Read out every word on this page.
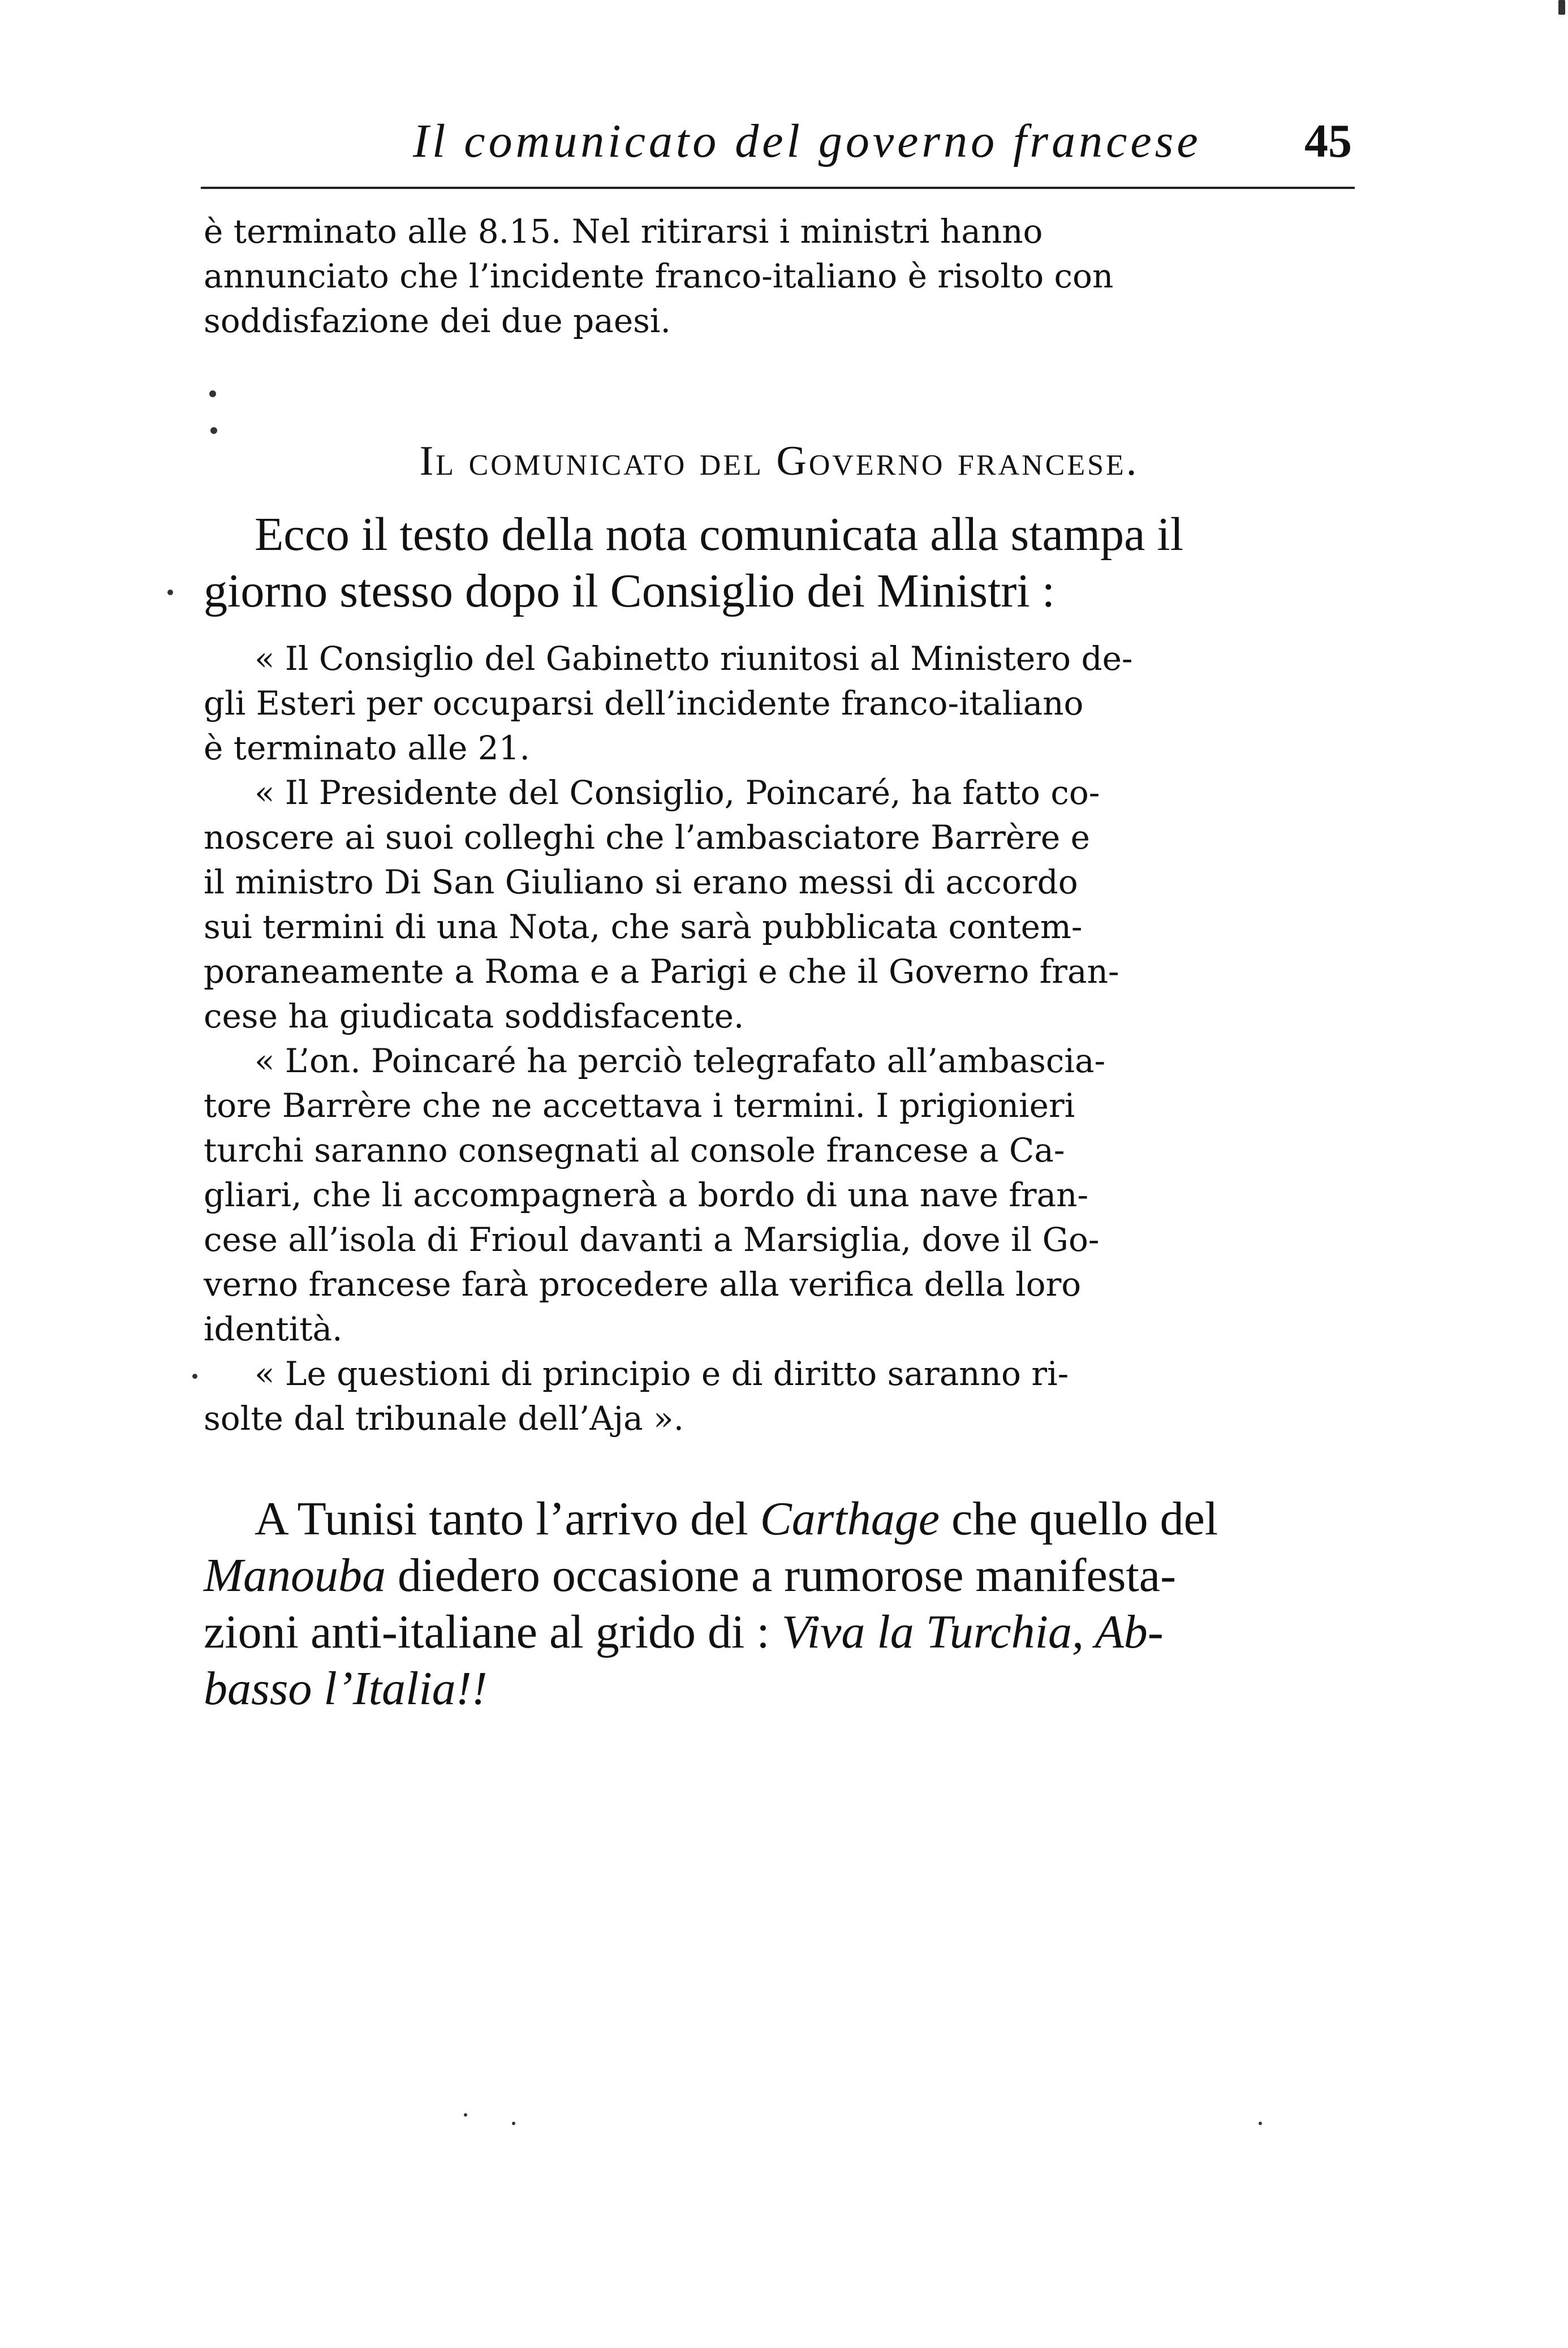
Il comunicato del governo francese 45
è terminato alle 8.15. Nel ritirarsi i ministri hanno
annunciato che l’incidente franco-italiano è risolto con
soddisfazione dei due paesi.
Il comunicato del Governo francese.
Ecco il testo della nota comunicata alla stampa il
giorno stesso dopo il Consiglio dei Ministri :
« Il Consiglio del Gabinetto riunitosi al Ministero de-
gli Esteri per occuparsi dell’incidente franco-italiano
è terminato alle 21.
« Il Presidente del Consiglio, Poincaré, ha fatto co-
noscere ai suoi colleghi che l’ambasciatore Barrère e
il ministro Di San Giuliano si erano messi di accordo
sui termini di una Nota, che sarà pubblicata contem-
poraneamente a Roma e a Parigi e che il Governo fran-
cese ha giudicata soddisfacente.
« L’on. Poincaré ha perciò telegrafato all’ambascia-
tore Barrère che ne accettava i termini. I prigionieri
turchi saranno consegnati al console francese a Ca-
gliari, che li accompagnerà a bordo di una nave fran-
cese all’isola di Frioul davanti a Marsiglia, dove il Go-
verno francese farà procedere alla verifica della loro
identità.
« Le questioni di principio e di diritto saranno ri-
solte dal tribunale dell’Aja ».
A Tunisi tanto l’arrivo del Carthage che quello del
Manouba diedero occasione a rumorose manifesta-
zioni anti-italiane al grido di : Viva la Turchia, Ab-
basso l’Italia!!
